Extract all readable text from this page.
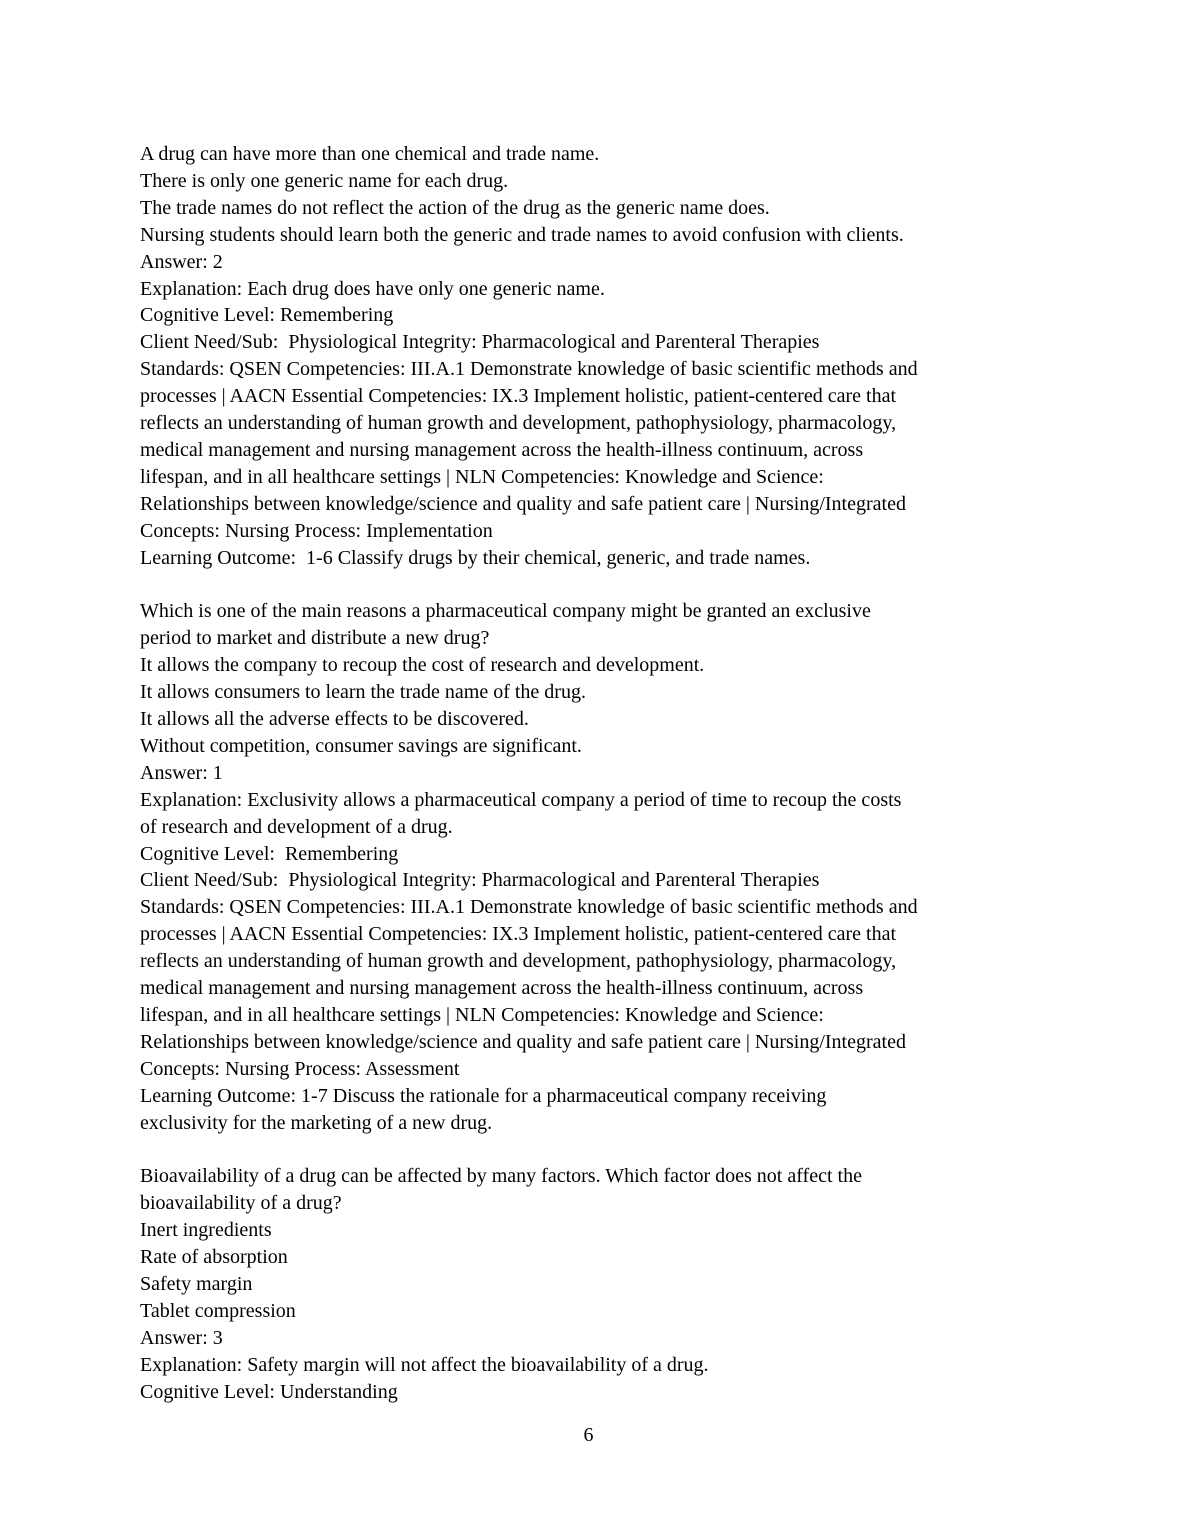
A drug can have more than one chemical and trade name.
There is only one generic name for each drug.
The trade names do not reflect the action of the drug as the generic name does.
Nursing students should learn both the generic and trade names to avoid confusion with clients.
Answer: 2
Explanation: Each drug does have only one generic name.
Cognitive Level: Remembering
Client Need/Sub:  Physiological Integrity: Pharmacological and Parenteral Therapies
Standards: QSEN Competencies: III.A.1 Demonstrate knowledge of basic scientific methods and
processes | AACN Essential Competencies: IX.3 Implement holistic, patient-centered care that
reflects an understanding of human growth and development, pathophysiology, pharmacology,
medical management and nursing management across the health-illness continuum, across
lifespan, and in all healthcare settings | NLN Competencies: Knowledge and Science:
Relationships between knowledge/science and quality and safe patient care | Nursing/Integrated
Concepts: Nursing Process: Implementation
Learning Outcome:  1-6 Classify drugs by their chemical, generic, and trade names.
Which is one of the main reasons a pharmaceutical company might be granted an exclusive
period to market and distribute a new drug?
It allows the company to recoup the cost of research and development.
It allows consumers to learn the trade name of the drug.
It allows all the adverse effects to be discovered.
Without competition, consumer savings are significant.
Answer: 1
Explanation: Exclusivity allows a pharmaceutical company a period of time to recoup the costs
of research and development of a drug.
Cognitive Level:  Remembering
Client Need/Sub:  Physiological Integrity: Pharmacological and Parenteral Therapies
Standards: QSEN Competencies: III.A.1 Demonstrate knowledge of basic scientific methods and
processes | AACN Essential Competencies: IX.3 Implement holistic, patient-centered care that
reflects an understanding of human growth and development, pathophysiology, pharmacology,
medical management and nursing management across the health-illness continuum, across
lifespan, and in all healthcare settings | NLN Competencies: Knowledge and Science:
Relationships between knowledge/science and quality and safe patient care | Nursing/Integrated
Concepts: Nursing Process: Assessment
Learning Outcome: 1-7 Discuss the rationale for a pharmaceutical company receiving
exclusivity for the marketing of a new drug.
Bioavailability of a drug can be affected by many factors. Which factor does not affect the
bioavailability of a drug?
Inert ingredients
Rate of absorption
Safety margin
Tablet compression
Answer: 3
Explanation: Safety margin will not affect the bioavailability of a drug.
Cognitive Level: Understanding
6
